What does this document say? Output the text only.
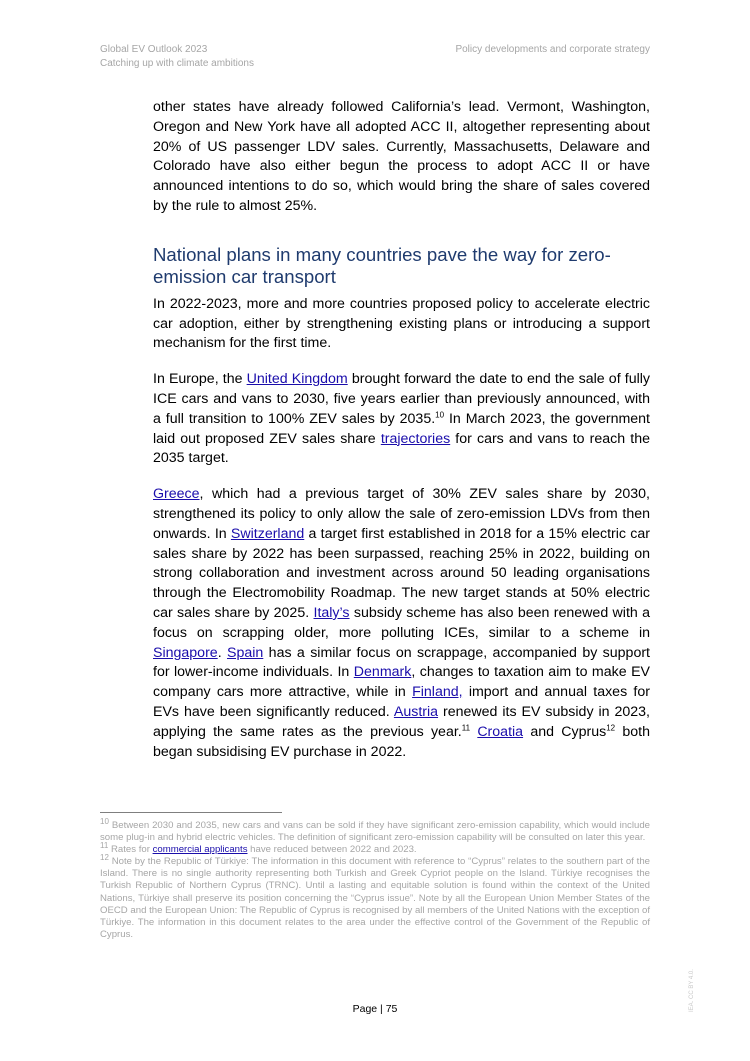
Global EV Outlook 2023
Catching up with climate ambitions
Policy developments and corporate strategy

other states have already followed California’s lead. Vermont, Washington, Oregon and New York have all adopted ACC II, altogether representing about 20% of US passenger LDV sales. Currently, Massachusetts, Delaware and Colorado have also either begun the process to adopt ACC II or have announced intentions to do so, which would bring the share of sales covered by the rule to almost 25%.

National plans in many countries pave the way for zero-emission car transport

In 2022-2023, more and more countries proposed policy to accelerate electric car adoption, either by strengthening existing plans or introducing a support mechanism for the first time.

In Europe, the United Kingdom brought forward the date to end the sale of fully ICE cars and vans to 2030, five years earlier than previously announced, with a full transition to 100% ZEV sales by 2035.10 In March 2023, the government laid out proposed ZEV sales share trajectories for cars and vans to reach the 2035 target.

Greece, which had a previous target of 30% ZEV sales share by 2030, strengthened its policy to only allow the sale of zero-emission LDVs from then onwards. In Switzerland a target first established in 2018 for a 15% electric car sales share by 2022 has been surpassed, reaching 25% in 2022, building on strong collaboration and investment across around 50 leading organisations through the Electromobility Roadmap. The new target stands at 50% electric car sales share by 2025. Italy’s subsidy scheme has also been renewed with a focus on scrapping older, more polluting ICEs, similar to a scheme in Singapore. Spain has a similar focus on scrappage, accompanied by support for lower-income individuals. In Denmark, changes to taxation aim to make EV company cars more attractive, while in Finland, import and annual taxes for EVs have been significantly reduced. Austria renewed its EV subsidy in 2023, applying the same rates as the previous year.$^{11}$ Croatia and Cyprus$^{12}$ both began subsidising EV purchase in 2022.

$^{10}$ Between 2030 and 2035, new cars and vans can be sold if they have significant zero-emission capability, which would include some plug-in and hybrid electric vehicles. The definition of significant zero-emission capability will be consulted on later this year.

$^{11}$ Rates for commercial applicants have reduced between 2022 and 2023.

$^{12}$ Note by the Republic of Türkiye: The information in this document with reference to “Cyprus” relates to the southern part of the Island. There is no single authority representing both Turkish and Greek Cypriot people on the Island. Türkiye recognises the Turkish Republic of Northern Cyprus (TRNC). Until a lasting and equitable solution is found within the context of the United Nations, Türkiye shall preserve its position concerning the “Cyprus issue”. Note by all the European Union Member States of the OECD and the European Union: The Republic of Cyprus is recognised by all members of the United Nations with the exception of Türkiye. The information in this document relates to the area under the effective control of the Government of the Republic of Cyprus.

Page | 75	IEA. CC BY 4.0.
